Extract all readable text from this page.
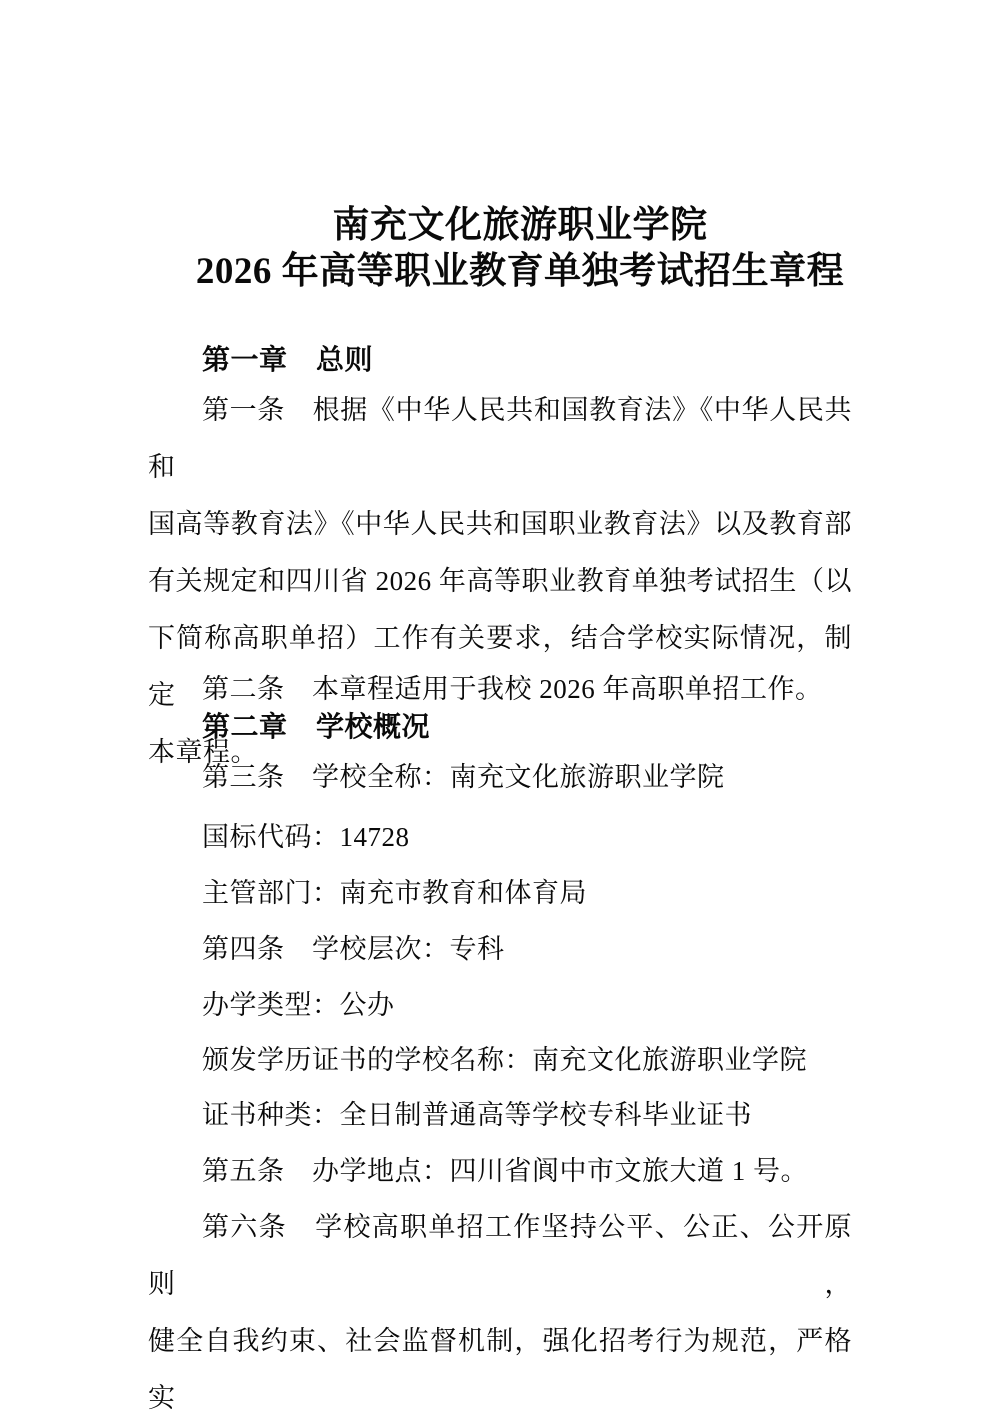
南充文化旅游职业学院
2026 年高等职业教育单独考试招生章程
第一章　总则
第一条　根据《中华人民共和国教育法》《中华人民共和
国高等教育法》《中华人民共和国职业教育法》以及教育部
有关规定和四川省 2026 年高等职业教育单独考试招生（以
下简称高职单招）工作有关要求，结合学校实际情况，制定
本章程。
第二条　本章程适用于我校 2026 年高职单招工作。
第二章　学校概况
第三条　学校全称：南充文化旅游职业学院
国标代码：14728
主管部门：南充市教育和体育局
第四条　学校层次：专科
办学类型：公办
颁发学历证书的学校名称：南充文化旅游职业学院
证书种类：全日制普通高等学校专科毕业证书
第五条　办学地点：四川省阆中市文旅大道 1 号。
第六条　学校高职单招工作坚持公平、公正、公开原则，
健全自我约束、社会监督机制，强化招考行为规范，严格实
